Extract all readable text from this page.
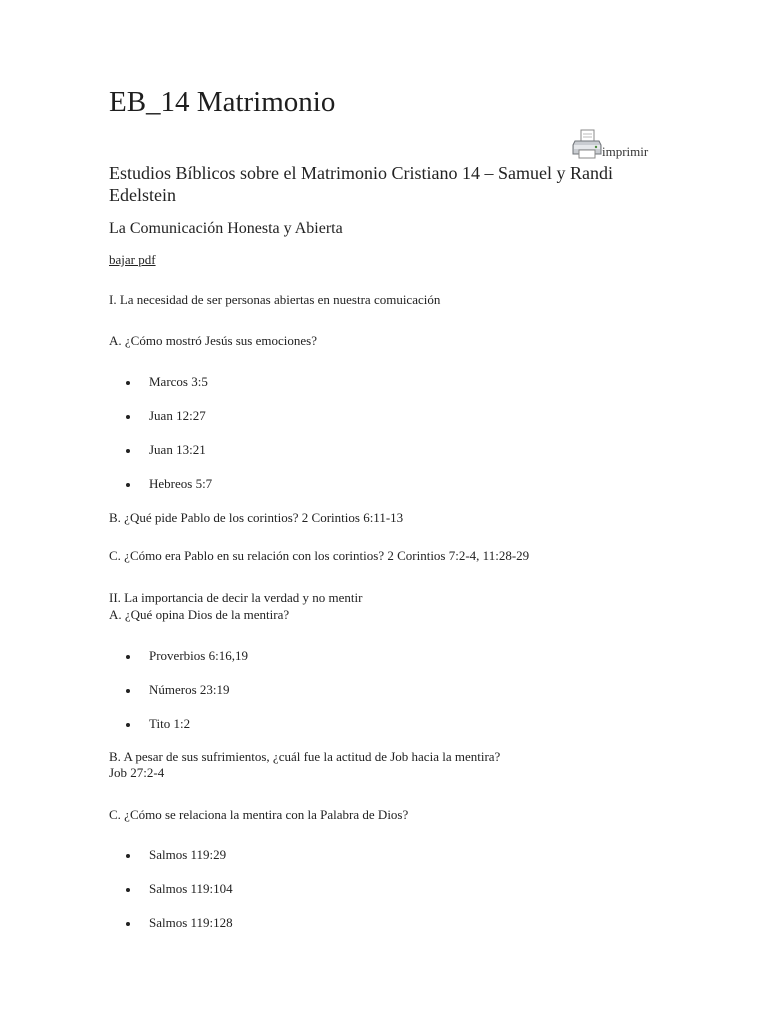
EB_14 Matrimonio
imprimir
Estudios Bíblicos sobre el Matrimonio Cristiano 14 – Samuel y Randi Edelstein
La Comunicación Honesta y Abierta
bajar pdf

I. La necesidad de ser personas abiertas en nuestra comuicación

A. ¿Cómo mostró Jesús sus emociones?

Marcos 3:5
Juan 12:27
Juan 13:21
Hebreos 5:7

B. ¿Qué pide Pablo de los corintios? 2 Corintios 6:11-13

C. ¿Cómo era Pablo en su relación con los corintios? 2 Corintios 7:2-4, 11:28-29

II. La importancia de decir la verdad y no mentir

A. ¿Qué opina Dios de la mentira?

Proverbios 6:16,19
Números 23:19
Tito 1:2

B. A pesar de sus sufrimientos, ¿cuál fue la actitud de Job hacia la mentira?

Job 27:2-4

C. ¿Cómo se relaciona la mentira con la Palabra de Dios?

Salmos 119:29
Salmos 119:104
Salmos 119:128
